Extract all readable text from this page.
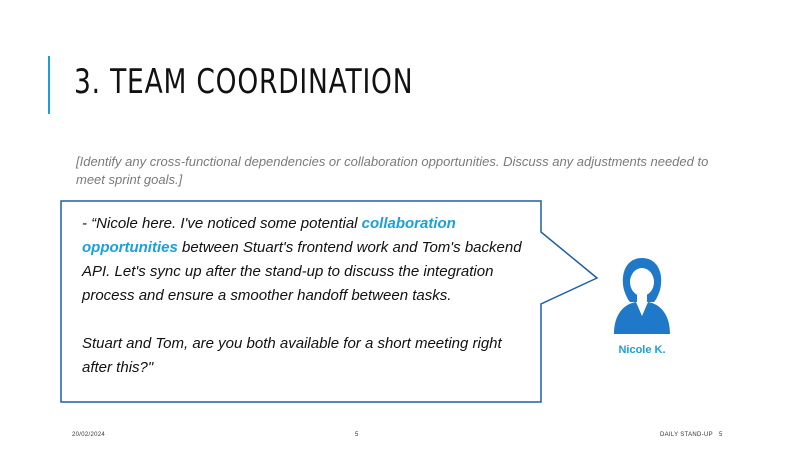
3. TEAM COORDINATION
[Identify any cross-functional dependencies or collaboration opportunities. Discuss any adjustments needed to meet sprint goals.]

- “Nicole here. I've noticed some potential collaboration opportunities between Stuart's frontend work and Tom's backend API. Let's sync up after the stand-up to discuss the integration process and ensure a smoother handoff between tasks.

Stuart and Tom, are you both available for a short meeting right after this?"

Nicole K.
20/02/2024	5	DAILY STAND-UP 5
